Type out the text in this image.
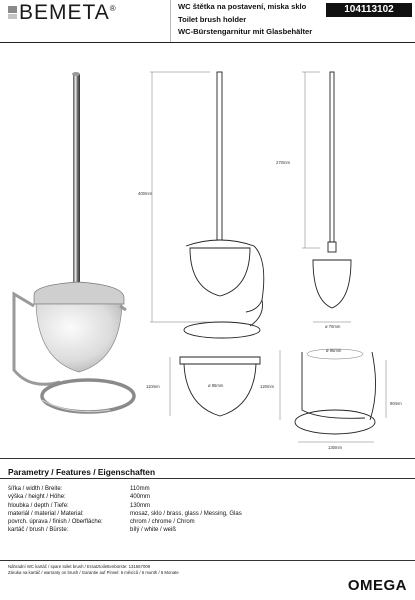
BEMETA®	WC štětka na postavení, miska sklo
Toilet brush holder
WC-Bürstengarnitur mit Glasbehälter
104113102
400mm
270mm
ø 70mm
110mm	ø 85mm
ø 95mm
120mm
90mm
130mm
Parametry / Features / Eigenschaften
šířka / width / Breite:	110mm
výška / height / Höhe:	400mm
hloubka / depth / Tiefe:	130mm
materiál / material / Material:	mosaz, sklo / brass, glass / Messing, Glas
povrch. úprava / finish / Oberfläche:	chrom / chrome / Chrom
kartáč / brush / Bürste:	bílý / white / weiß
Náhradní WC kartáč / spare toilet brush / Ersatztoilettenbürste: 131567009
Záruka na kartáč / warranty on brush / Garantie auf Pinsel: 6 měsíců / 6 month / 6 Monate
OMEGA
